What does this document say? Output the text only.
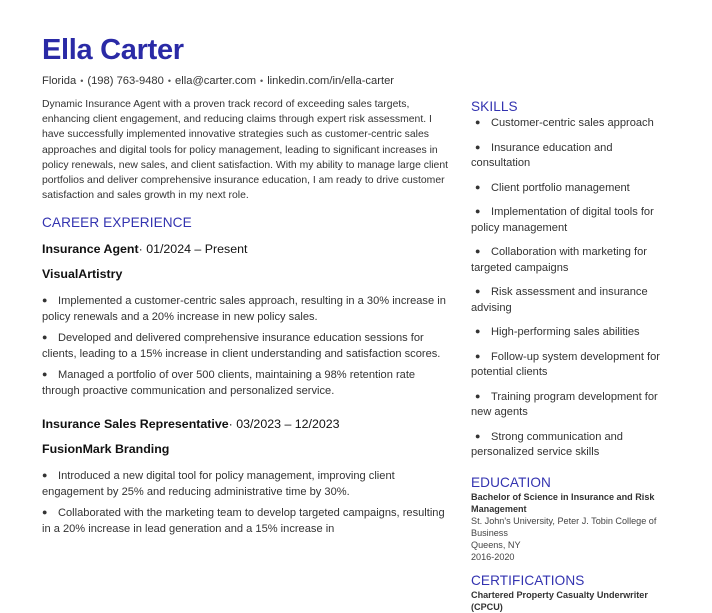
Ella Carter
Florida • (198) 763-9480 • ella@carter.com • linkedin.com/in/ella-carter

Dynamic Insurance Agent with a proven track record of exceeding sales targets, enhancing client engagement, and reducing claims through expert risk assessment. I have successfully implemented innovative strategies such as customer-centric sales approaches and digital tools for policy management, leading to significant increases in policy renewals, new sales, and client satisfaction. With my ability to manage large client portfolios and deliver comprehensive insurance education, I am ready to drive customer satisfaction and sales growth in my next role.

CAREER EXPERIENCE

Insurance Agent· 01/2024 – Present

VisualArtistry

● Implemented a customer-centric sales approach, resulting in a 30% increase in policy renewals and a 20% increase in new policy sales.
● Developed and delivered comprehensive insurance education sessions for clients, leading to a 15% increase in client understanding and satisfaction scores.
● Managed a portfolio of over 500 clients, maintaining a 98% retention rate through proactive communication and personalized service.

Insurance Sales Representative· 03/2023 – 12/2023

FusionMark Branding

● Introduced a new digital tool for policy management, improving client engagement by 25% and reducing administrative time by 30%.
● Collaborated with the marketing team to develop targeted campaigns, resulting in a 20% increase in lead generation and a 15% increase in
SKILLS
● Customer-centric sales approach
● Insurance education and consultation
● Client portfolio management
● Implementation of digital tools for policy management
● Collaboration with marketing for targeted campaigns
● Risk assessment and insurance advising
● High-performing sales abilities
● Follow-up system development for potential clients
● Training program development for new agents
● Strong communication and personalized service skills
EDUCATION

Bachelor of Science in Insurance and Risk Management

St. John's University, Peter J. Tobin College of Business

Queens, NY

2016-2020

CERTIFICATIONS

Chartered Property Casualty Underwriter (CPCU)
